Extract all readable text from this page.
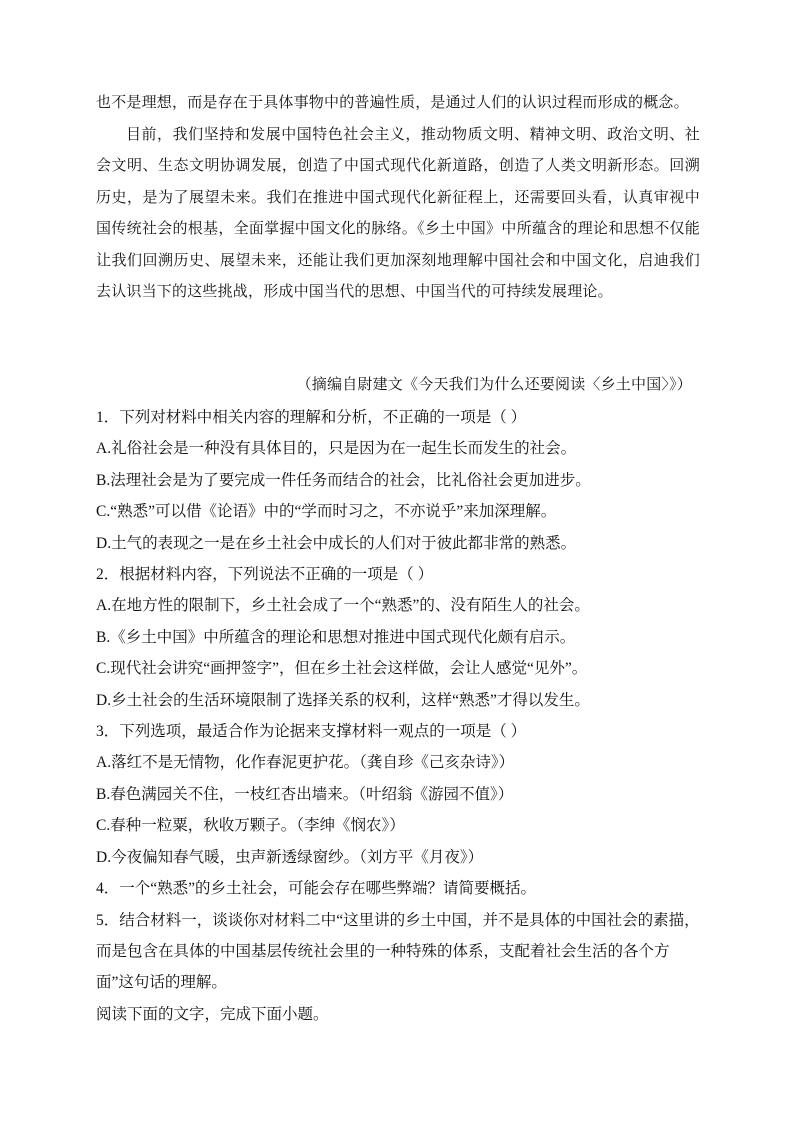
也不是理想，而是存在于具体事物中的普遍性质，是通过人们的认识过程而形成的概念。

目前，我们坚持和发展中国特色社会主义，推动物质文明、精神文明、政治文明、社会文明、生态文明协调发展，创造了中国式现代化新道路，创造了人类文明新形态。回溯历史，是为了展望未来。我们在推进中国式现代化新征程上，还需要回头看，认真审视中国传统社会的根基，全面掌握中国文化的脉络。《乡土中国》中所蕴含的理论和思想不仅能让我们回溯历史、展望未来，还能让我们更加深刻地理解中国社会和中国文化，启迪我们去认识当下的这些挑战，形成中国当代的思想、中国当代的可持续发展理论。

（摘编自尉建文《今天我们为什么还要阅读〈乡土中国〉》）

1．下列对材料中相关内容的理解和分析，不正确的一项是（ ）

A.礼俗社会是一种没有具体目的，只是因为在一起生长而发生的社会。

B.法理社会是为了要完成一件任务而结合的社会，比礼俗社会更加进步。

C.“熟悉”可以借《论语》中的“学而时习之，不亦说乎”来加深理解。

D.土气的表现之一是在乡土社会中成长的人们对于彼此都非常的熟悉。

2．根据材料内容，下列说法不正确的一项是（ ）

A.在地方性的限制下，乡土社会成了一个“熟悉”的、没有陌生人的社会。

B.《乡土中国》中所蕴含的理论和思想对推进中国式现代化颇有启示。

C.现代社会讲究“画押签字”，但在乡土社会这样做，会让人感觉“见外”。

D.乡土社会的生活环境限制了选择关系的权利，这样“熟悉”才得以发生。

3．下列选项，最适合作为论据来支撑材料一观点的一项是（ ）

A.落红不是无情物，化作春泥更护花。（龚自珍《己亥杂诗》）

B.春色满园关不住，一枝红杏出墙来。（叶绍翁《游园不值》）

C.春种一粒粟，秋收万颗子。（李绅《悯农》）

D.今夜偏知春气暖，虫声新透绿窗纱。（刘方平《月夜》）

4．一个“熟悉”的乡土社会，可能会存在哪些弊端？请简要概括。

5．结合材料一，谈谈你对材料二中“这里讲的乡土中国，并不是具体的中国社会的素描，而是包含在具体的中国基层传统社会里的一种特殊的体系，支配着社会生活的各个方面”这句话的理解。

阅读下面的文字，完成下面小题。
